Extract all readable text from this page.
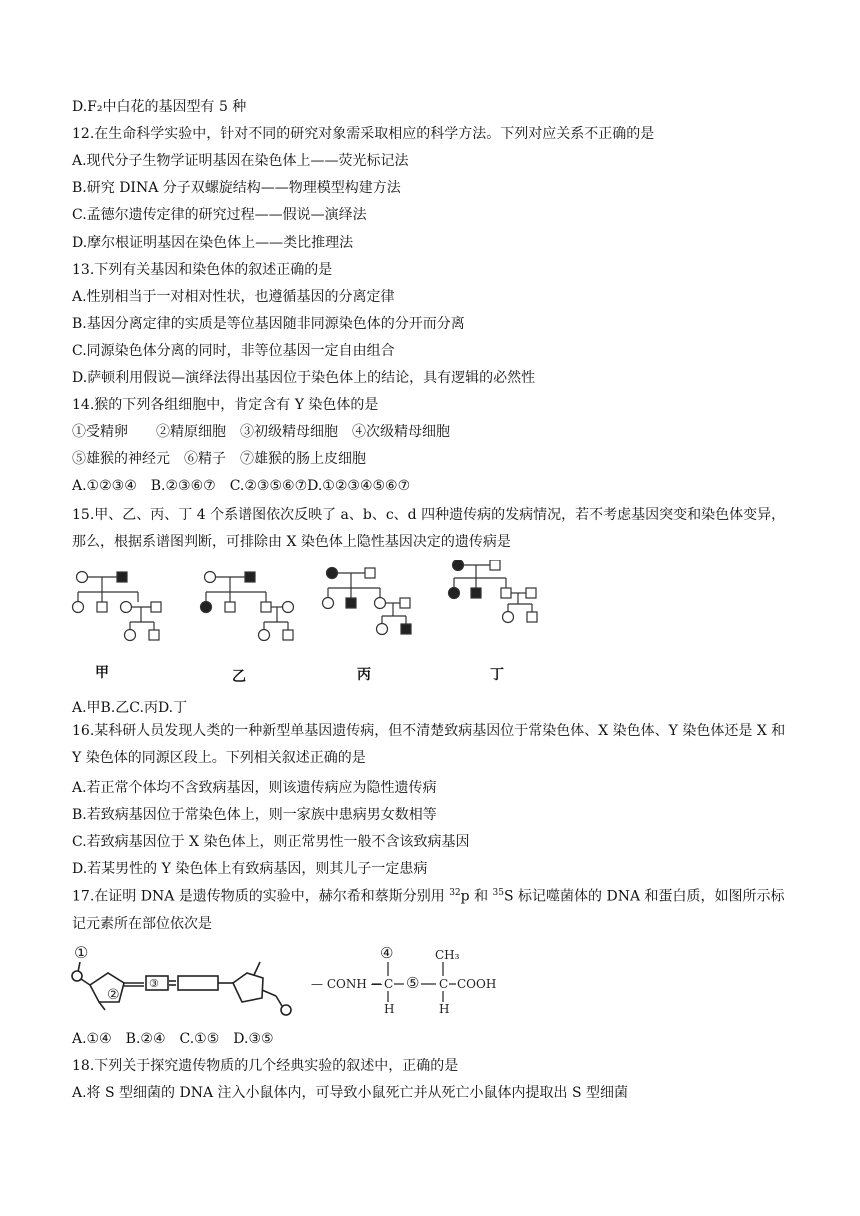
D.F₂中白花的基因型有 5 种
12.在生命科学实验中，针对不同的研究对象需采取相应的科学方法。下列对应关系不正确的是
A.现代分子生物学证明基因在染色体上——荧光标记法
B.研究 DINA 分子双螺旋结构——物理模型构建方法
C.孟德尔遗传定律的研究过程——假说—演绎法
D.摩尔根证明基因在染色体上——类比推理法
13.下列有关基因和染色体的叙述正确的是
A.性别相当于一对相对性状，也遵循基因的分离定律
B.基因分离定律的实质是等位基因随非同源染色体的分开而分离
C.同源染色体分离的同时，非等位基因一定自由组合
D.萨顿利用假说—演绎法得出基因位于染色体上的结论，具有逻辑的必然性
14.猴的下列各组细胞中，肯定含有 Y 染色体的是
①受精卵　　②精原细胞　③初级精母细胞　④次级精母细胞
⑤雄猴的神经元　⑥精子　⑦雄猴的肠上皮细胞
A.①②③④　B.②③⑥⑦　C.②③⑤⑥⑦D.①②③④⑤⑥⑦
15.甲、乙、丙、丁 4 个系谱图依次反映了 a、b、c、d 四种遗传病的发病情况，若不考虑基因突变和染色体变异，那么，根据系谱图判断，可排除由 X 染色体上隐性基因决定的遗传病是
甲	乙	丙	丁
A.甲B.乙C.丙D.丁
16.某科研人员发现人类的一种新型单基因遗传病，但不清楚致病基因位于常染色体、X 染色体、Y 染色体还是 X 和 Y 染色体的同源区段上。下列相关叙述正确的是
A.若正常个体均不含致病基因，则该遗传病应为隐性遗传病
B.若致病基因位于常染色体上，则一家族中患病男女数相等
C.若致病基因位于 X 染色体上，则正常男性一般不含该致病基因
D.若某男性的 Y 染色体上有致病基因，则其儿子一定患病
17.在证明 DNA 是遗传物质的实验中，赫尔希和蔡斯分别用 $^{32}$p 和 $^{35}$S 标记噬菌体的 DNA 和蛋白质，如图所示标记元素所在部位依次是
①
②
③	— CONH —
④
C
H
⑤
CH₃
C
H
COOH
A.①④　B.②④　C.①⑤　D.③⑤
18.下列关于探究遗传物质的几个经典实验的叙述中，正确的是
A.将 S 型细菌的 DNA 注入小鼠体内，可导致小鼠死亡并从死亡小鼠体内提取出 S 型细菌
